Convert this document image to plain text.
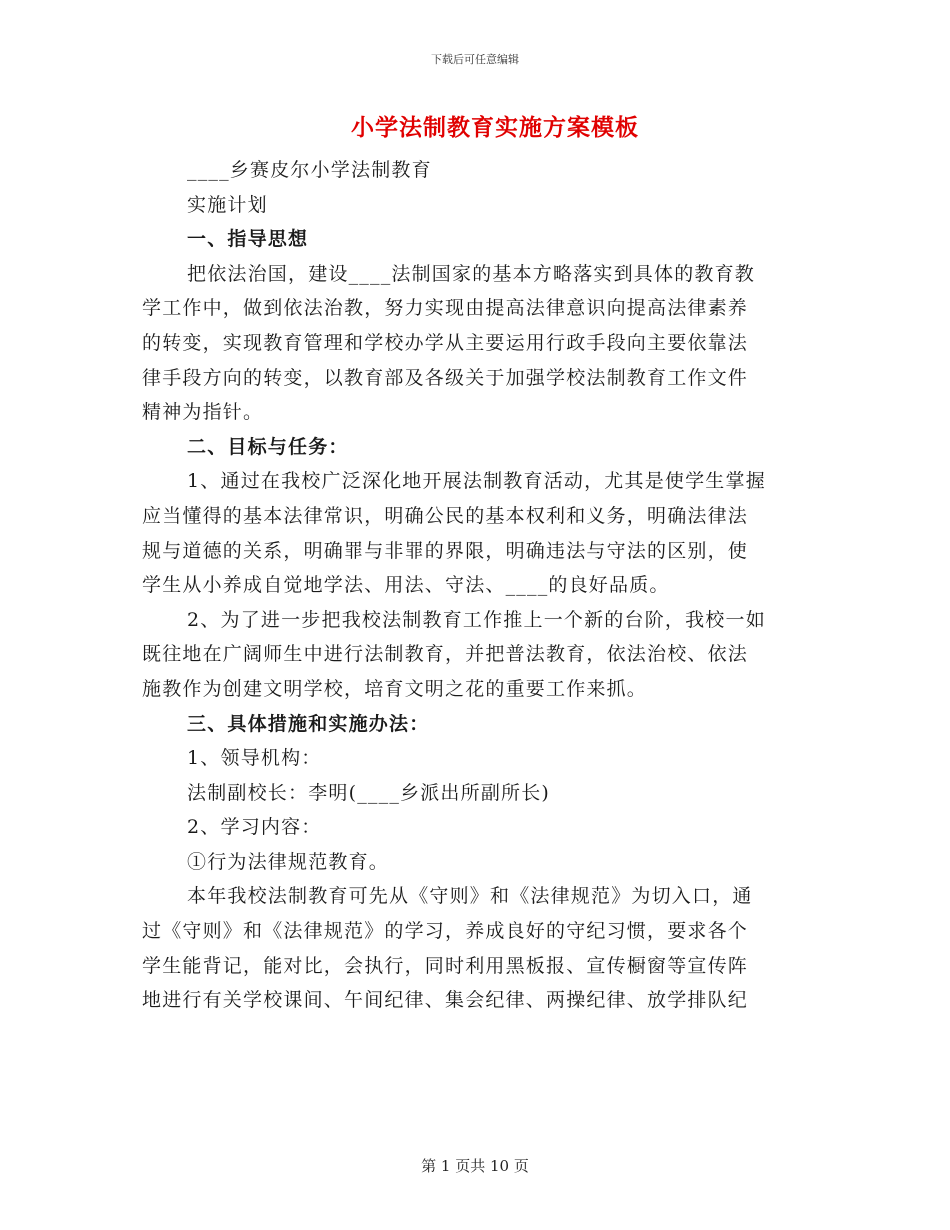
下载后可任意编辑
小学法制教育实施方案模板
____乡赛皮尔小学法制教育
实施计划
一、指导思想
把依法治国，建设____法制国家的基本方略落实到具体的教育教
学工作中，做到依法治教，努力实现由提高法律意识向提高法律素养
的转变，实现教育管理和学校办学从主要运用行政手段向主要依靠法
律手段方向的转变，以教育部及各级关于加强学校法制教育工作文件
精神为指针。
二、目标与任务：
1、通过在我校广泛深化地开展法制教育活动，尤其是使学生掌握
应当懂得的基本法律常识，明确公民的基本权利和义务，明确法律法
规与道德的关系，明确罪与非罪的界限，明确违法与守法的区别，使
学生从小养成自觉地学法、用法、守法、____的良好品质。
2、为了进一步把我校法制教育工作推上一个新的台阶，我校一如
既往地在广阔师生中进行法制教育，并把普法教育，依法治校、依法
施教作为创建文明学校，培育文明之花的重要工作来抓。
三、具体措施和实施办法：
1、领导机构：
法制副校长：李明(____乡派出所副所长)
2、学习内容：
①行为法律规范教育。
本年我校法制教育可先从《守则》和《法律规范》为切入口，通
过《守则》和《法律规范》的学习，养成良好的守纪习惯，要求各个
学生能背记，能对比，会执行，同时利用黑板报、宣传橱窗等宣传阵
地进行有关学校课间、午间纪律、集会纪律、两操纪律、放学排队纪
第 1 页共 10 页
